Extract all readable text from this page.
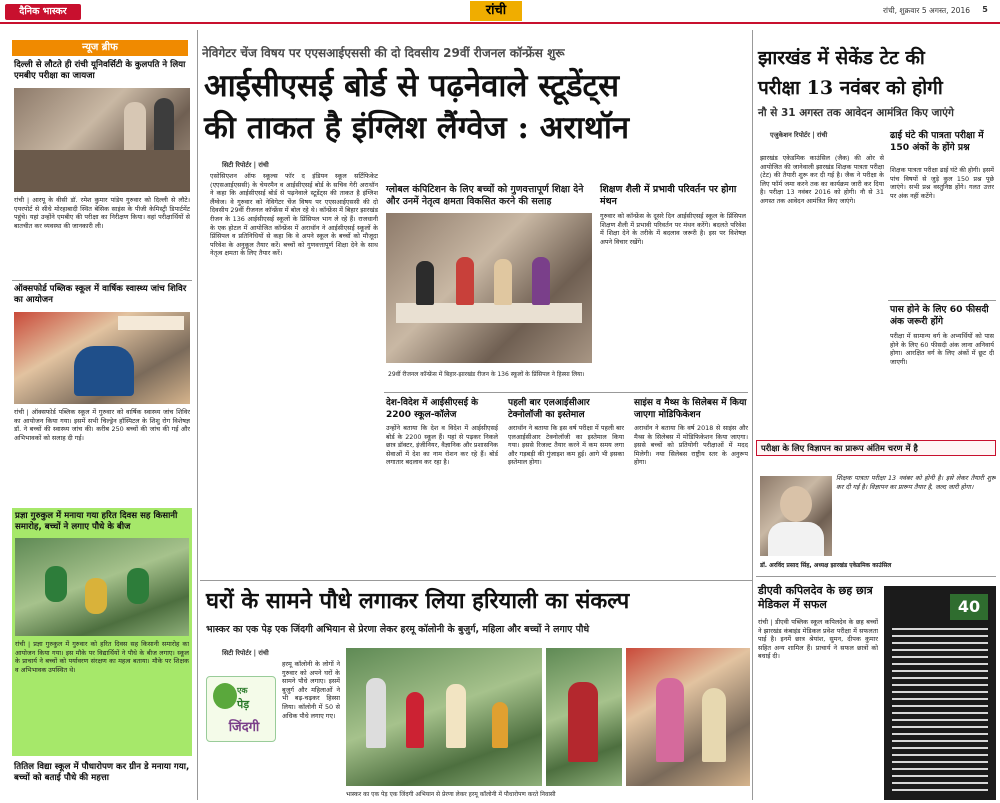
दैनिक भास्कर	रांची	रांची, शुक्रवार 5 अगस्त, 2016	5
न्यूज ब्रीफ
दिल्ली से लौटते ही रांची यूनिवर्सिटी के कुलपति ने लिया एमबीए परीक्षा का जायजा
रांची | आरयू के वीसी डॉ. रमेश कुमार पांडेय गुरुवार को दिल्ली से लौटे। एयरपोर्ट से सीधे मोरहाबादी स्थित बेसिक साइंस के पीजी केमिस्ट्री डिपार्टमेंट पहुंचे। यहां उन्होंने एमबीए की परीक्षा का निरीक्षण किया। वहां परीक्षार्थियों से बातचीत कर व्यवस्था की जानकारी ली।
ऑक्सफोर्ड पब्लिक स्कूल में वार्षिक स्वास्थ्य जांच शिविर का आयोजन
रांची | ऑक्सफोर्ड पब्लिक स्कूल में गुरुवार को वार्षिक स्वास्थ्य जांच शिविर का आयोजन किया गया। इसमें सभी चिल्ड्रेन हॉस्पिटल के शिशु रोग विशेषज्ञ डॉ. ने बच्चों की स्वास्थ्य जांच की। करीब 250 बच्चों की जांच की गई और अभिभावकों को सलाह दी गई।
प्रज्ञा गुरुकुल में मनाया गया हरित दिवस सह किसानी समारोह, बच्चों ने लगाए पौधे के बीज
रांची | प्रज्ञा गुरुकुल में गुरुवार को हरित दिवस सह किसानी समारोह का आयोजन किया गया। इस मौके पर विद्यार्थियों ने पौधे के बीज लगाए। स्कूल के प्राचार्य ने बच्चों को पर्यावरण संरक्षण का महत्व बताया। मौके पर शिक्षक व अभिभावक उपस्थित थे।
तितिल विद्या स्कूल में पौधारोपण कर ग्रीन डे मनाया गया, बच्चों को बताई पौधे की महत्ता
नेविगेटर चेंज विषय पर एएसआईएससी की दो दिवसीय 29वीं रीजनल कॉन्फ्रेंस शुरू
आईसीएसई बोर्ड से पढ़नेवाले स्टूडेंट्स
की ताकत है इंग्लिश लैंग्वेज : अराथॉन
सिटी रिपोर्टर | रांची
एसोसिएशन ऑफ स्कूल्स फॉर द इंडियन स्कूल सर्टिफिकेट (एएसआईएससी) के चेयरमैन व आईसीएसई बोर्ड के सचिव गेरी अराथॉन ने कहा कि आईसीएसई बोर्ड से पढ़नेवाले स्टूडेंट्स की ताकत है इंग्लिश लैंग्वेज। वे गुरुवार को नेविगेटर चेंज विषय पर एएसआईएससी की दो दिवसीय 29वीं रीजनल कॉन्फ्रेंस में बोल रहे थे। कॉन्फ्रेंस में बिहार झारखंड रीजन के 136 आईसीएसई स्कूलों के प्रिंसिपल भाग ले रहे हैं। राजधानी के एक होटल में आयोजित कॉन्फ्रेंस में अराथॉन ने आईसीएसई स्कूलों के प्रिंसिपल व प्रतिनिधियों से कहा कि वे अपने स्कूल के बच्चों को मौजूदा परिवेश के अनुकूल तैयार करें। बच्चों को गुणवत्तापूर्ण शिक्षा देने के साथ नेतृत्व क्षमता के लिए तैयार करें।
ग्लोबल कंपिटिशन के लिए बच्चों को गुणवत्तापूर्ण शिक्षा देने और उनमें नेतृत्व क्षमता विकसित करने की सलाह
29वीं रीजनल कॉन्फ्रेंस में बिहार-झारखंड रीजन के 136 स्कूलों के प्रिंसिपल ने हिस्सा लिया।
शिक्षण शैली में प्रभावी परिवर्तन पर होगा मंथन
गुरुवार को कॉन्फ्रेंस के दूसरे दिन आईसीएसई स्कूल के प्रिंसिपल शिक्षण शैली में प्रभावी परिवर्तन पर मंथन करेंगे। बदलते परिवेश में शिक्षा देने के तरीके में बदलाव जरूरी है। इस पर विशेषज्ञ अपने विचार रखेंगे।
देश-विदेश में आईसीएसई के 2200 स्कूल-कॉलेज
उन्होंने बताया कि देश व विदेश में आईसीएसई बोर्ड के 2200 स्कूल हैं। यहां से पढ़कर निकले छात्र डॉक्टर, इंजीनियर, वैज्ञानिक और प्रशासनिक सेवाओं में देश का नाम रोशन कर रहे हैं। बोर्ड लगातार बदलाव कर रहा है।
पहली बार एलआईसीआर टेक्नोलॉजी का इस्तेमाल
अराथॉन ने बताया कि इस वर्ष परीक्षा में पहली बार एलआईसीआर टेक्नोलॉजी का इस्तेमाल किया गया। इससे रिजल्ट तैयार करने में कम समय लगा और गड़बड़ी की गुंजाइश कम हुई। आगे भी इसका इस्तेमाल होगा।
साइंस व मैथ्स के सिलेबस में किया जाएगा मोडिफिकेशन
अराथॉन ने बताया कि वर्ष 2018 से साइंस और मैथ्स के सिलेबस में मोडिफिकेशन किया जाएगा। इससे बच्चों को प्रतियोगी परीक्षाओं में मदद मिलेगी। नया सिलेबस राष्ट्रीय स्तर के अनुरूप होगा।
घरों के सामने पौधे लगाकर लिया हरियाली का संकल्प
भास्कर का एक पेड़ एक जिंदगी अभियान से प्रेरणा लेकर हरमू कॉलोनी के बुजुर्ग, महिला और बच्चों ने लगाए पौधे
सिटी रिपोर्टर | रांची
एक
पेड़
जिंदगी
हरमू कॉलोनी के लोगों ने गुरुवार को अपने घरों के सामने पौधे लगाए। इसमें बुजुर्ग और महिलाओं ने भी बढ़-चढ़कर हिस्सा लिया। कॉलोनी में 50 से अधिक पौधे लगाए गए।
भास्कर का एक पेड़ एक जिंदगी अभियान से प्रेरणा लेकर हरमू कॉलोनी में पौधारोपण करते निवासी
झारखंड में सेकेंड टेट की
परीक्षा 13 नवंबर को होगी
नौ से 31 अगस्त तक आवेदन आमंत्रित किए जाएंगे
एजुकेशन रिपोर्टर | रांची
झारखंड एकेडमिक काउंसिल (जैक) की ओर से आयोजित की जानेवाली झारखंड शिक्षक पात्रता परीक्षा (टेट) की तैयारी शुरू कर दी गई है। जैक ने परीक्षा के लिए फॉर्म जमा करने तक का कार्यक्रम जारी कर दिया है। परीक्षा 13 नवंबर 2016 को होगी। नौ से 31 अगस्त तक आवेदन आमंत्रित किए जाएंगे।
ढाई घंटे की पात्रता परीक्षा में 150 अंकों के होंगे प्रश्न
शिक्षक पात्रता परीक्षा ढाई घंटे की होगी। इसमें पांच विषयों से जुड़े कुल 150 प्रश्न पूछे जाएंगे। सभी प्रश्न वस्तुनिष्ठ होंगे। गलत उत्तर पर अंक नहीं कटेंगे।
पास होने के लिए 60 फीसदी अंक जरूरी होंगे
परीक्षा में सामान्य वर्ग के अभ्यर्थियों को पास होने के लिए 60 फीसदी अंक लाना अनिवार्य होगा। आरक्षित वर्ग के लिए अंकों में छूट दी जाएगी।
परीक्षा के लिए विज्ञापन का प्रारूप अंतिम चरण में है
शिक्षक पात्रता परीक्षा 13 नवंबर को होनी है। इसे लेकर तैयारी शुरू कर दी गई है। विज्ञापन का प्रारूप तैयार है, जल्द जारी होगा।
डॉ. अरविंद प्रसाद सिंह, अध्यक्ष झारखंड एकेडमिक काउंसिल
डीएवी कपिलदेव के छह छात्र मेडिकल में सफल
रांची | डीएवी पब्लिक स्कूल कपिलदेव के छह बच्चों ने झारखंड कंबाइंड मेडिकल प्रवेश परीक्षा में सफलता पाई है। इनमें छात्र श्रेयांश, सुमन, दीपक कुमार सहित अन्य शामिल हैं। प्राचार्य ने सफल छात्रों को बधाई दी।
40
